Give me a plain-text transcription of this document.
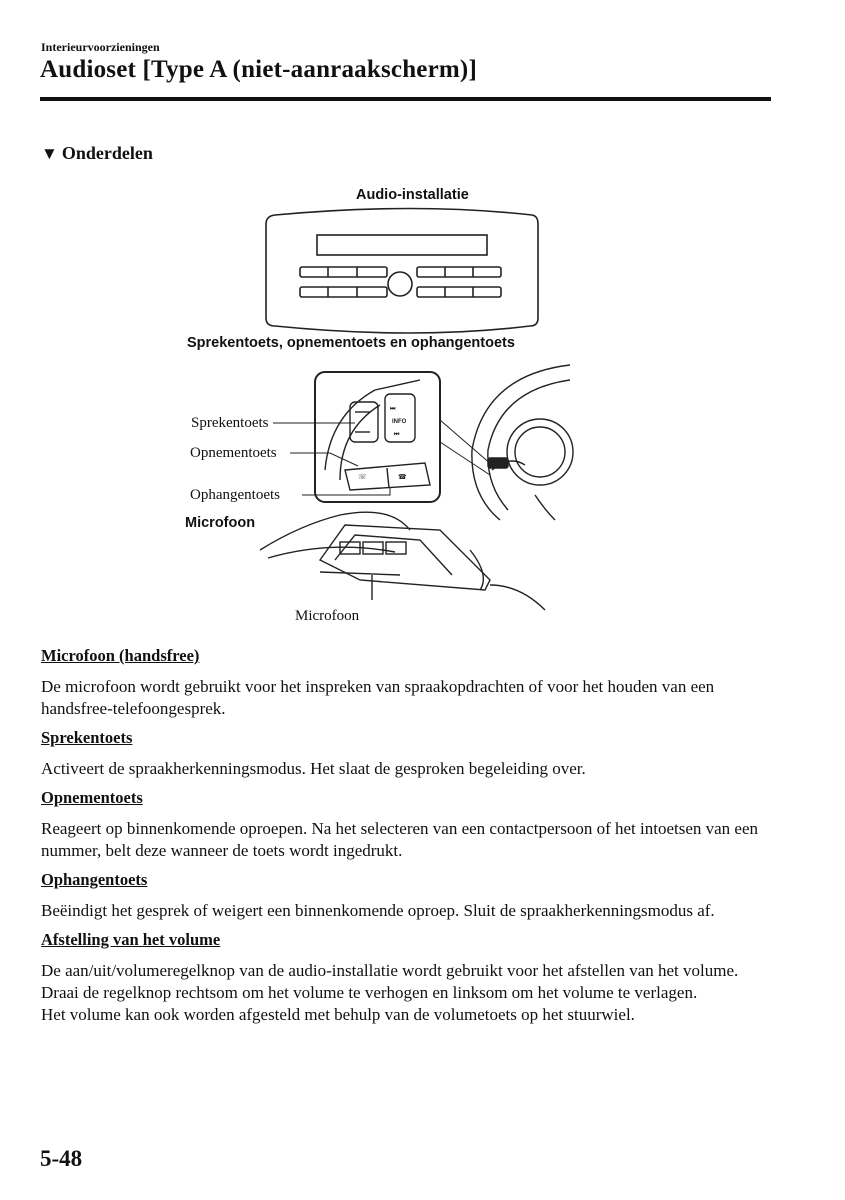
Interieurvoorzieningen
Audioset [Type A (niet-aanraakscherm)]
▼ Onderdelen
Audio-installatie
⏭
INFO
⏮
☏	☎
Sprekentoets, opnementoets en ophangentoets
Sprekentoets
Opnementoets
Ophangentoets
Microfoon
Microfoon
Microfoon (handsfree)
De microfoon wordt gebruikt voor het inspreken van spraakopdrachten of voor het houden van een handsfree-telefoongesprek.
Sprekentoets
Activeert de spraakherkenningsmodus. Het slaat de gesproken begeleiding over.
Opnementoets
Reageert op binnenkomende oproepen. Na het selecteren van een contactpersoon of het intoetsen van een nummer, belt deze wanneer de toets wordt ingedrukt.
Ophangentoets
Beëindigt het gesprek of weigert een binnenkomende oproep. Sluit de spraakherkenningsmodus af.
Afstelling van het volume
De aan/uit/volumeregelknop van de audio-installatie wordt gebruikt voor het afstellen van het volume. Draai de regelknop rechtsom om het volume te verhogen en linksom om het volume te verlagen.
Het volume kan ook worden afgesteld met behulp van de volumetoets op het stuurwiel.
5-48
